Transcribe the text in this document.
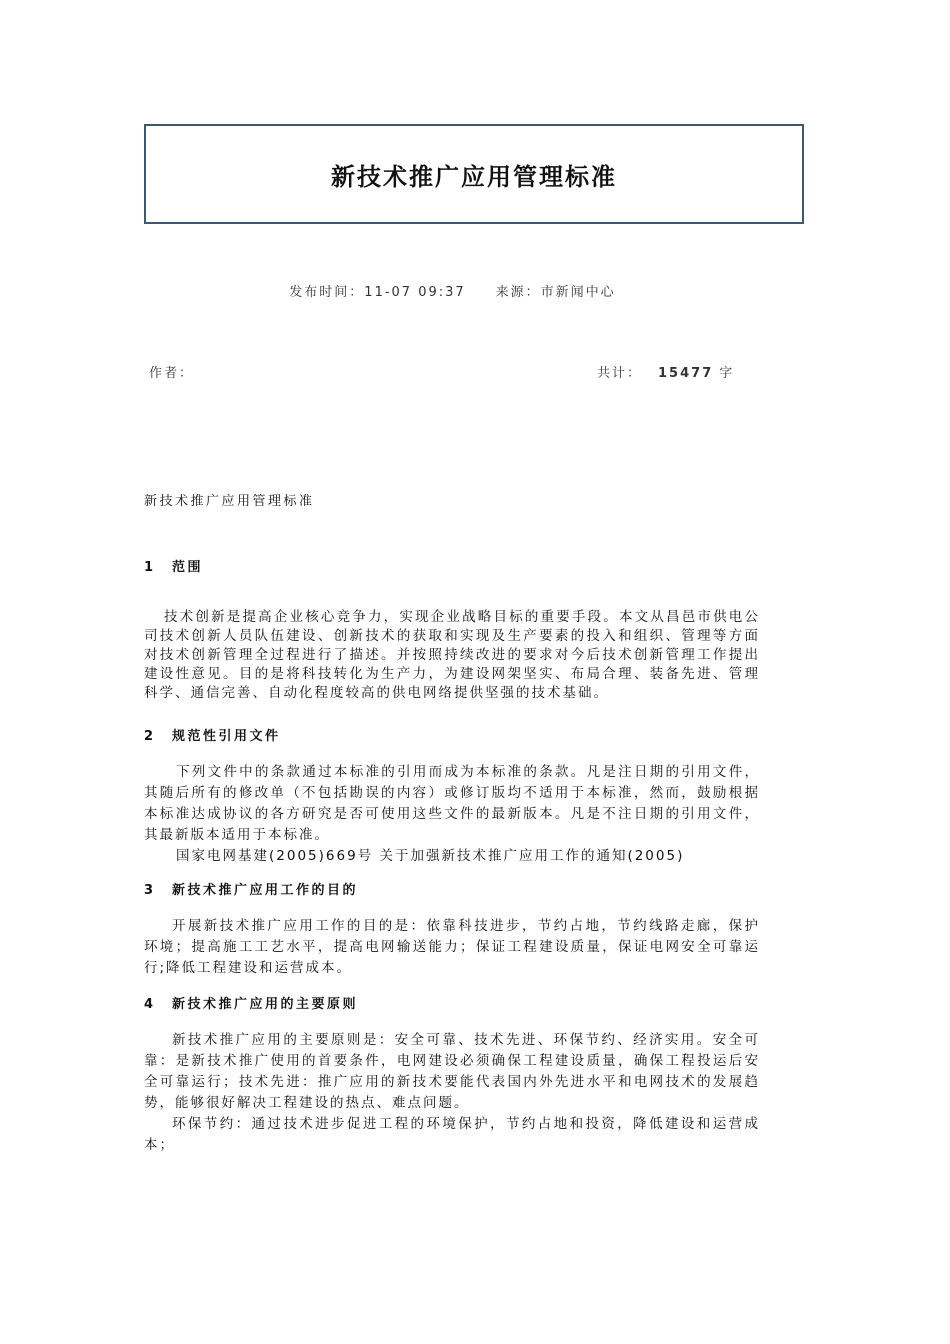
新技术推广应用管理标准
发布时间：11-07 09:37 来源：市新闻中心
作者：	共计： 15477 字

新技术推广应用管理标准

1 范围

技术创新是提高企业核心竞争力，实现企业战略目标的重要手段。本文从昌邑市供电公司技术创新人员队伍建设、创新技术的获取和实现及生产要素的投入和组织、管理等方面对技术创新管理全过程进行了描述。并按照持续改进的要求对今后技术创新管理工作提出建设性意见。目的是将科技转化为生产力，为建设网架坚实、布局合理、装备先进、管理科学、通信完善、自动化程度较高的供电网络提供坚强的技术基础。

2 规范性引用文件

下列文件中的条款通过本标准的引用而成为本标准的条款。凡是注日期的引用文件，其随后所有的修改单（不包括勘误的内容）或修订版均不适用于本标准，然而，鼓励根据本标准达成协议的各方研究是否可使用这些文件的最新版本。凡是不注日期的引用文件，其最新版本适用于本标准。

国家电网基建(2005)669号 关于加强新技术推广应用工作的通知(2005)

3 新技术推广应用工作的目的

开展新技术推广应用工作的目的是：依靠科技进步，节约占地，节约线路走廊，保护环境；提高施工工艺水平，提高电网输送能力；保证工程建设质量，保证电网安全可靠运行;降低工程建设和运营成本。

4 新技术推广应用的主要原则

新技术推广应用的主要原则是：安全可靠、技术先进、环保节约、经济实用。安全可靠：是新技术推广使用的首要条件，电网建设必须确保工程建设质量，确保工程投运后安全可靠运行；技术先进：推广应用的新技术要能代表国内外先进水平和电网技术的发展趋势，能够很好解决工程建设的热点、难点问题。

环保节约：通过技术进步促进工程的环境保护，节约占地和投资，降低建设和运营成本；
